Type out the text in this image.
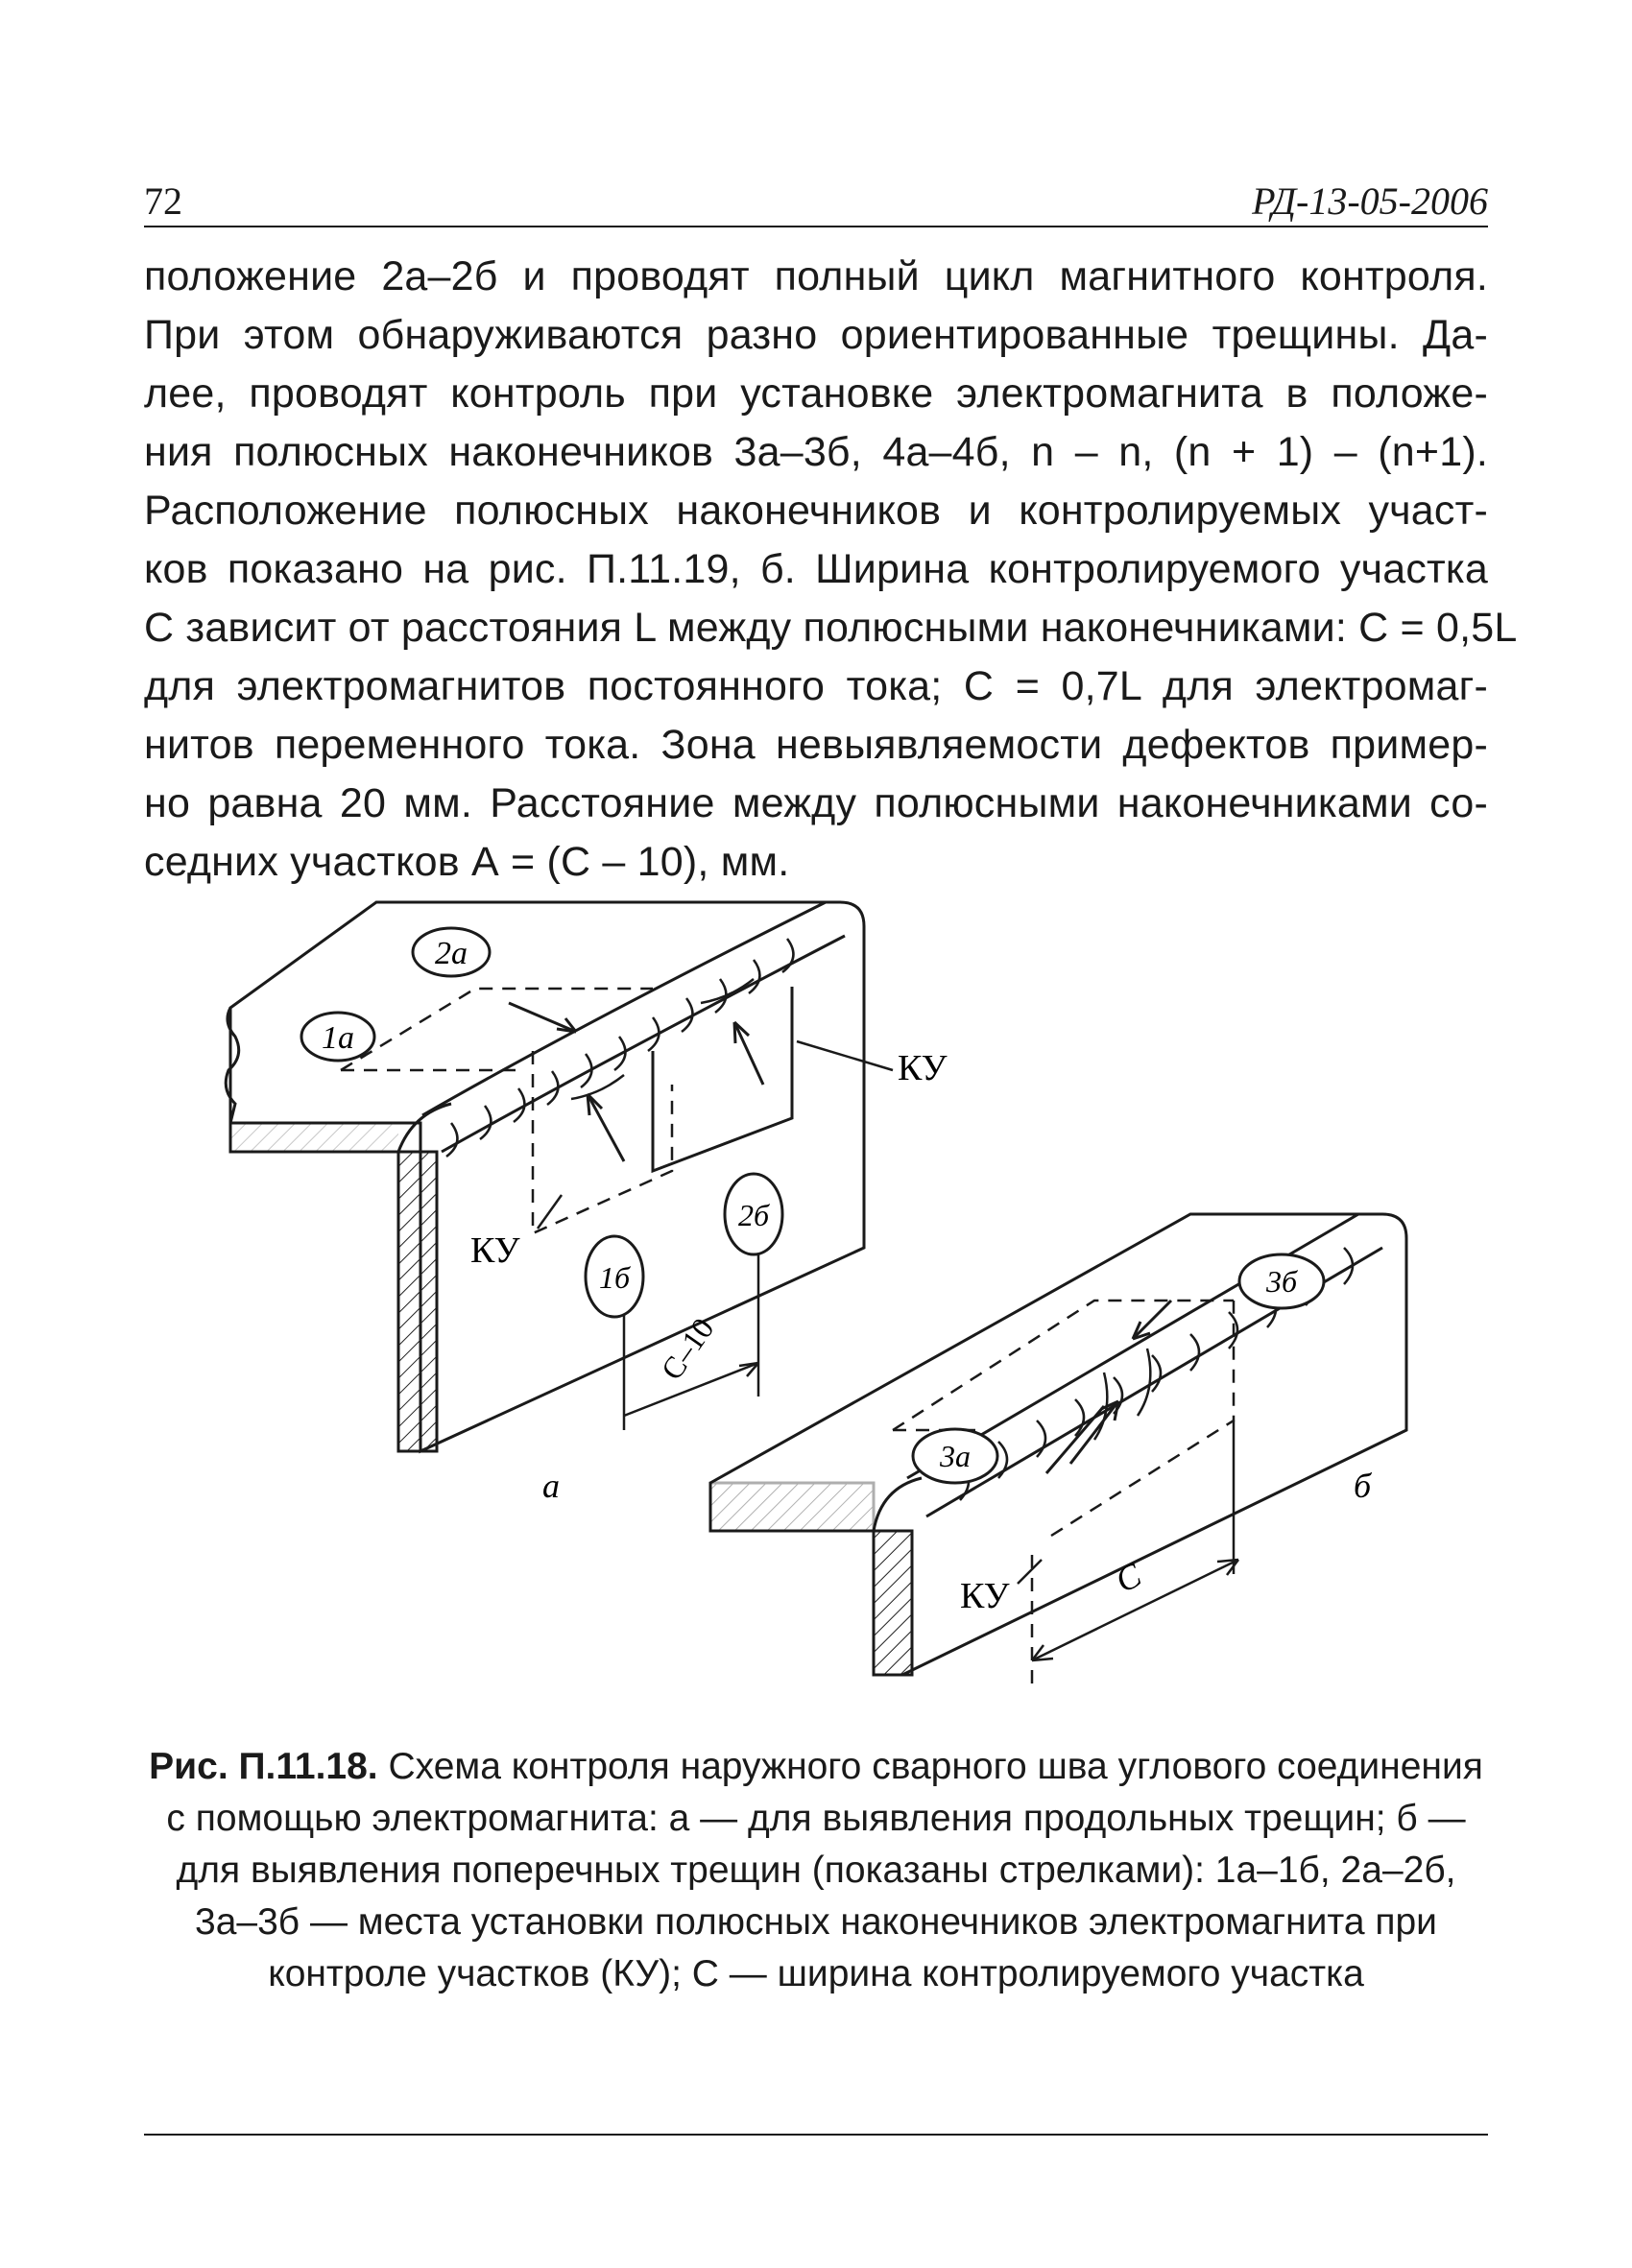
72	РД-13-05-2006
положение 2а–2б и проводят полный цикл магнитного контроля.
При этом обнаруживаются разно ориентированные трещины. Да-
лее, проводят контроль при установке электромагнита в положе-
ния полюсных наконечников 3а–3б, 4а–4б, n – n, (n + 1) – (n+1).
Расположение полюсных наконечников и контролируемых участ-
ков показано на рис. П.11.19, б. Ширина контролируемого участка
С зависит от расстояния L между полюсными наконечниками: С = 0,5L
для электромагнитов постоянного тока; С = 0,7L для электромаг-
нитов переменного тока. Зона невыявляемости дефектов пример-
но равна 20 мм. Расстояние между полюсными наконечниками со-
седних участков А = (С – 10), мм.
1а
2а
1б
2б
КУ
КУ
С–10
а
3а
3б
КУ	С
б

Рис. П.11.18. Схема контроля наружного сварного шва углового соединения с помощью электромагнита: а — для выявления продольных трещин; б — для выявления поперечных трещин (показаны стрелками): 1а–1б, 2а–2б, 3а–3б — места установки полюсных наконечников электромагнита при контроле участков (КУ); С — ширина контролируемого участка
